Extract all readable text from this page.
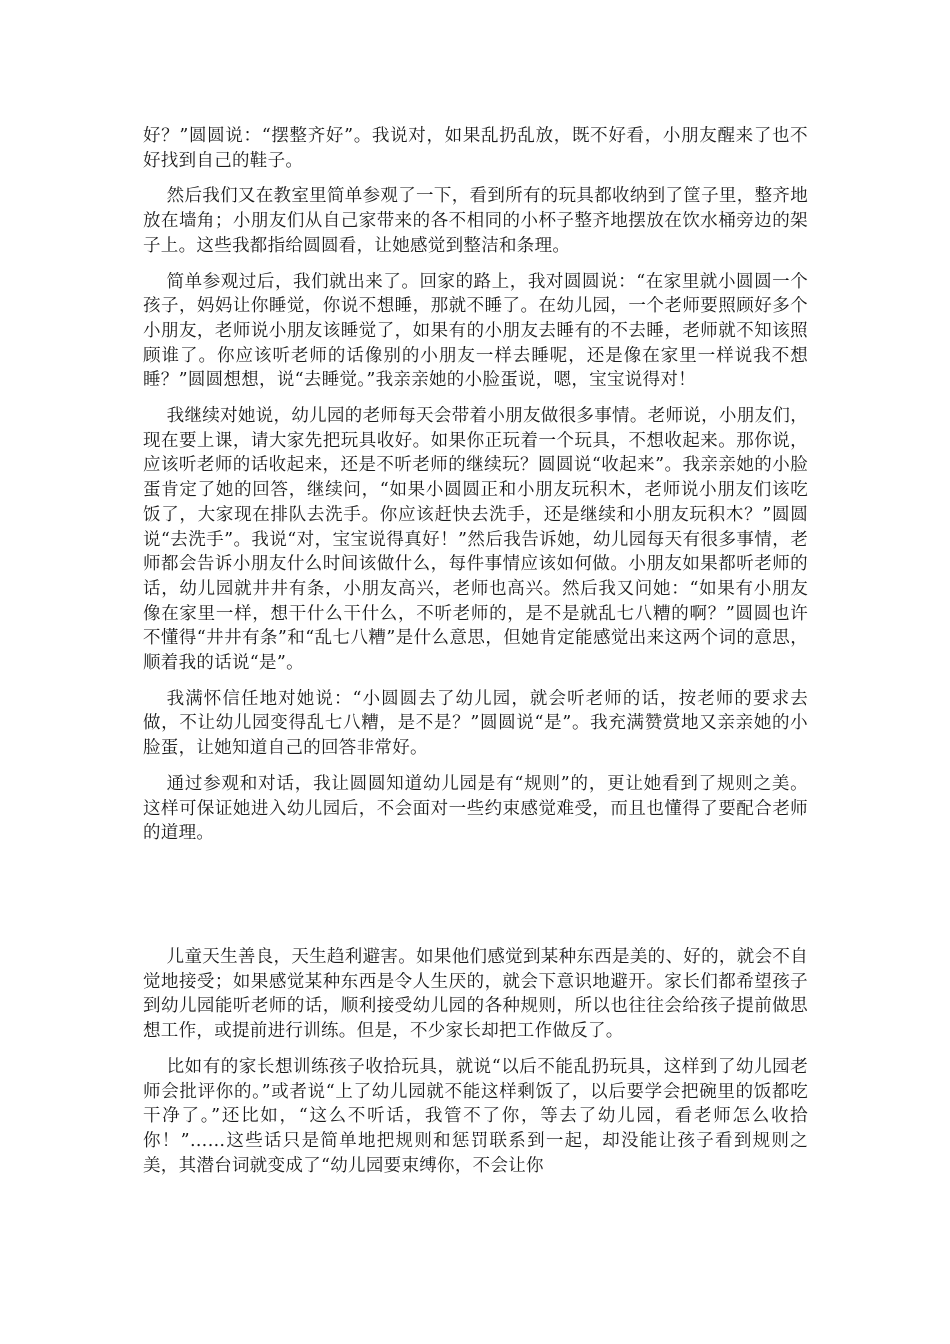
好？”圆圆说：“摆整齐好”。我说对，如果乱扔乱放，既不好看，小朋友醒来了也不好找到自己的鞋子。

然后我们又在教室里简单参观了一下，看到所有的玩具都收纳到了筐子里，整齐地放在墙角；小朋友们从自己家带来的各不相同的小杯子整齐地摆放在饮水桶旁边的架子上。这些我都指给圆圆看，让她感觉到整洁和条理。

简单参观过后，我们就出来了。回家的路上，我对圆圆说：“在家里就小圆圆一个孩子，妈妈让你睡觉，你说不想睡，那就不睡了。在幼儿园，一个老师要照顾好多个小朋友，老师说小朋友该睡觉了，如果有的小朋友去睡有的不去睡，老师就不知该照顾谁了。你应该听老师的话像别的小朋友一样去睡呢，还是像在家里一样说我不想睡？”圆圆想想，说“去睡觉。”我亲亲她的小脸蛋说，嗯，宝宝说得对！

我继续对她说，幼儿园的老师每天会带着小朋友做很多事情。老师说，小朋友们，现在要上课，请大家先把玩具收好。如果你正玩着一个玩具，不想收起来。那你说，应该听老师的话收起来，还是不听老师的继续玩？圆圆说“收起来”。我亲亲她的小脸蛋肯定了她的回答，继续问，“如果小圆圆正和小朋友玩积木，老师说小朋友们该吃饭了，大家现在排队去洗手。你应该赶快去洗手，还是继续和小朋友玩积木？”圆圆说“去洗手”。我说“对，宝宝说得真好！”然后我告诉她，幼儿园每天有很多事情，老师都会告诉小朋友什么时间该做什么，每件事情应该如何做。小朋友如果都听老师的话，幼儿园就井井有条，小朋友高兴，老师也高兴。然后我又问她：“如果有小朋友像在家里一样，想干什么干什么，不听老师的，是不是就乱七八糟的啊？”圆圆也许不懂得“井井有条”和“乱七八糟”是什么意思，但她肯定能感觉出来这两个词的意思，顺着我的话说“是”。

我满怀信任地对她说：“小圆圆去了幼儿园，就会听老师的话，按老师的要求去做，不让幼儿园变得乱七八糟，是不是？”圆圆说“是”。我充满赞赏地又亲亲她的小脸蛋，让她知道自己的回答非常好。

通过参观和对话，我让圆圆知道幼儿园是有“规则”的，更让她看到了规则之美。这样可保证她进入幼儿园后，不会面对一些约束感觉难受，而且也懂得了要配合老师的道理。

儿童天生善良，天生趋利避害。如果他们感觉到某种东西是美的、好的，就会不自觉地接受；如果感觉某种东西是令人生厌的，就会下意识地避开。家长们都希望孩子到幼儿园能听老师的话，顺利接受幼儿园的各种规则，所以也往往会给孩子提前做思想工作，或提前进行训练。但是，不少家长却把工作做反了。

比如有的家长想训练孩子收拾玩具，就说“以后不能乱扔玩具，这样到了幼儿园老师会批评你的。”或者说“上了幼儿园就不能这样剩饭了，以后要学会把碗里的饭都吃干净了。”还比如，“这么不听话，我管不了你，等去了幼儿园，看老师怎么收拾你！”……这些话只是简单地把规则和惩罚联系到一起，却没能让孩子看到规则之美，其潜台词就变成了“幼儿园要束缚你，不会让你
